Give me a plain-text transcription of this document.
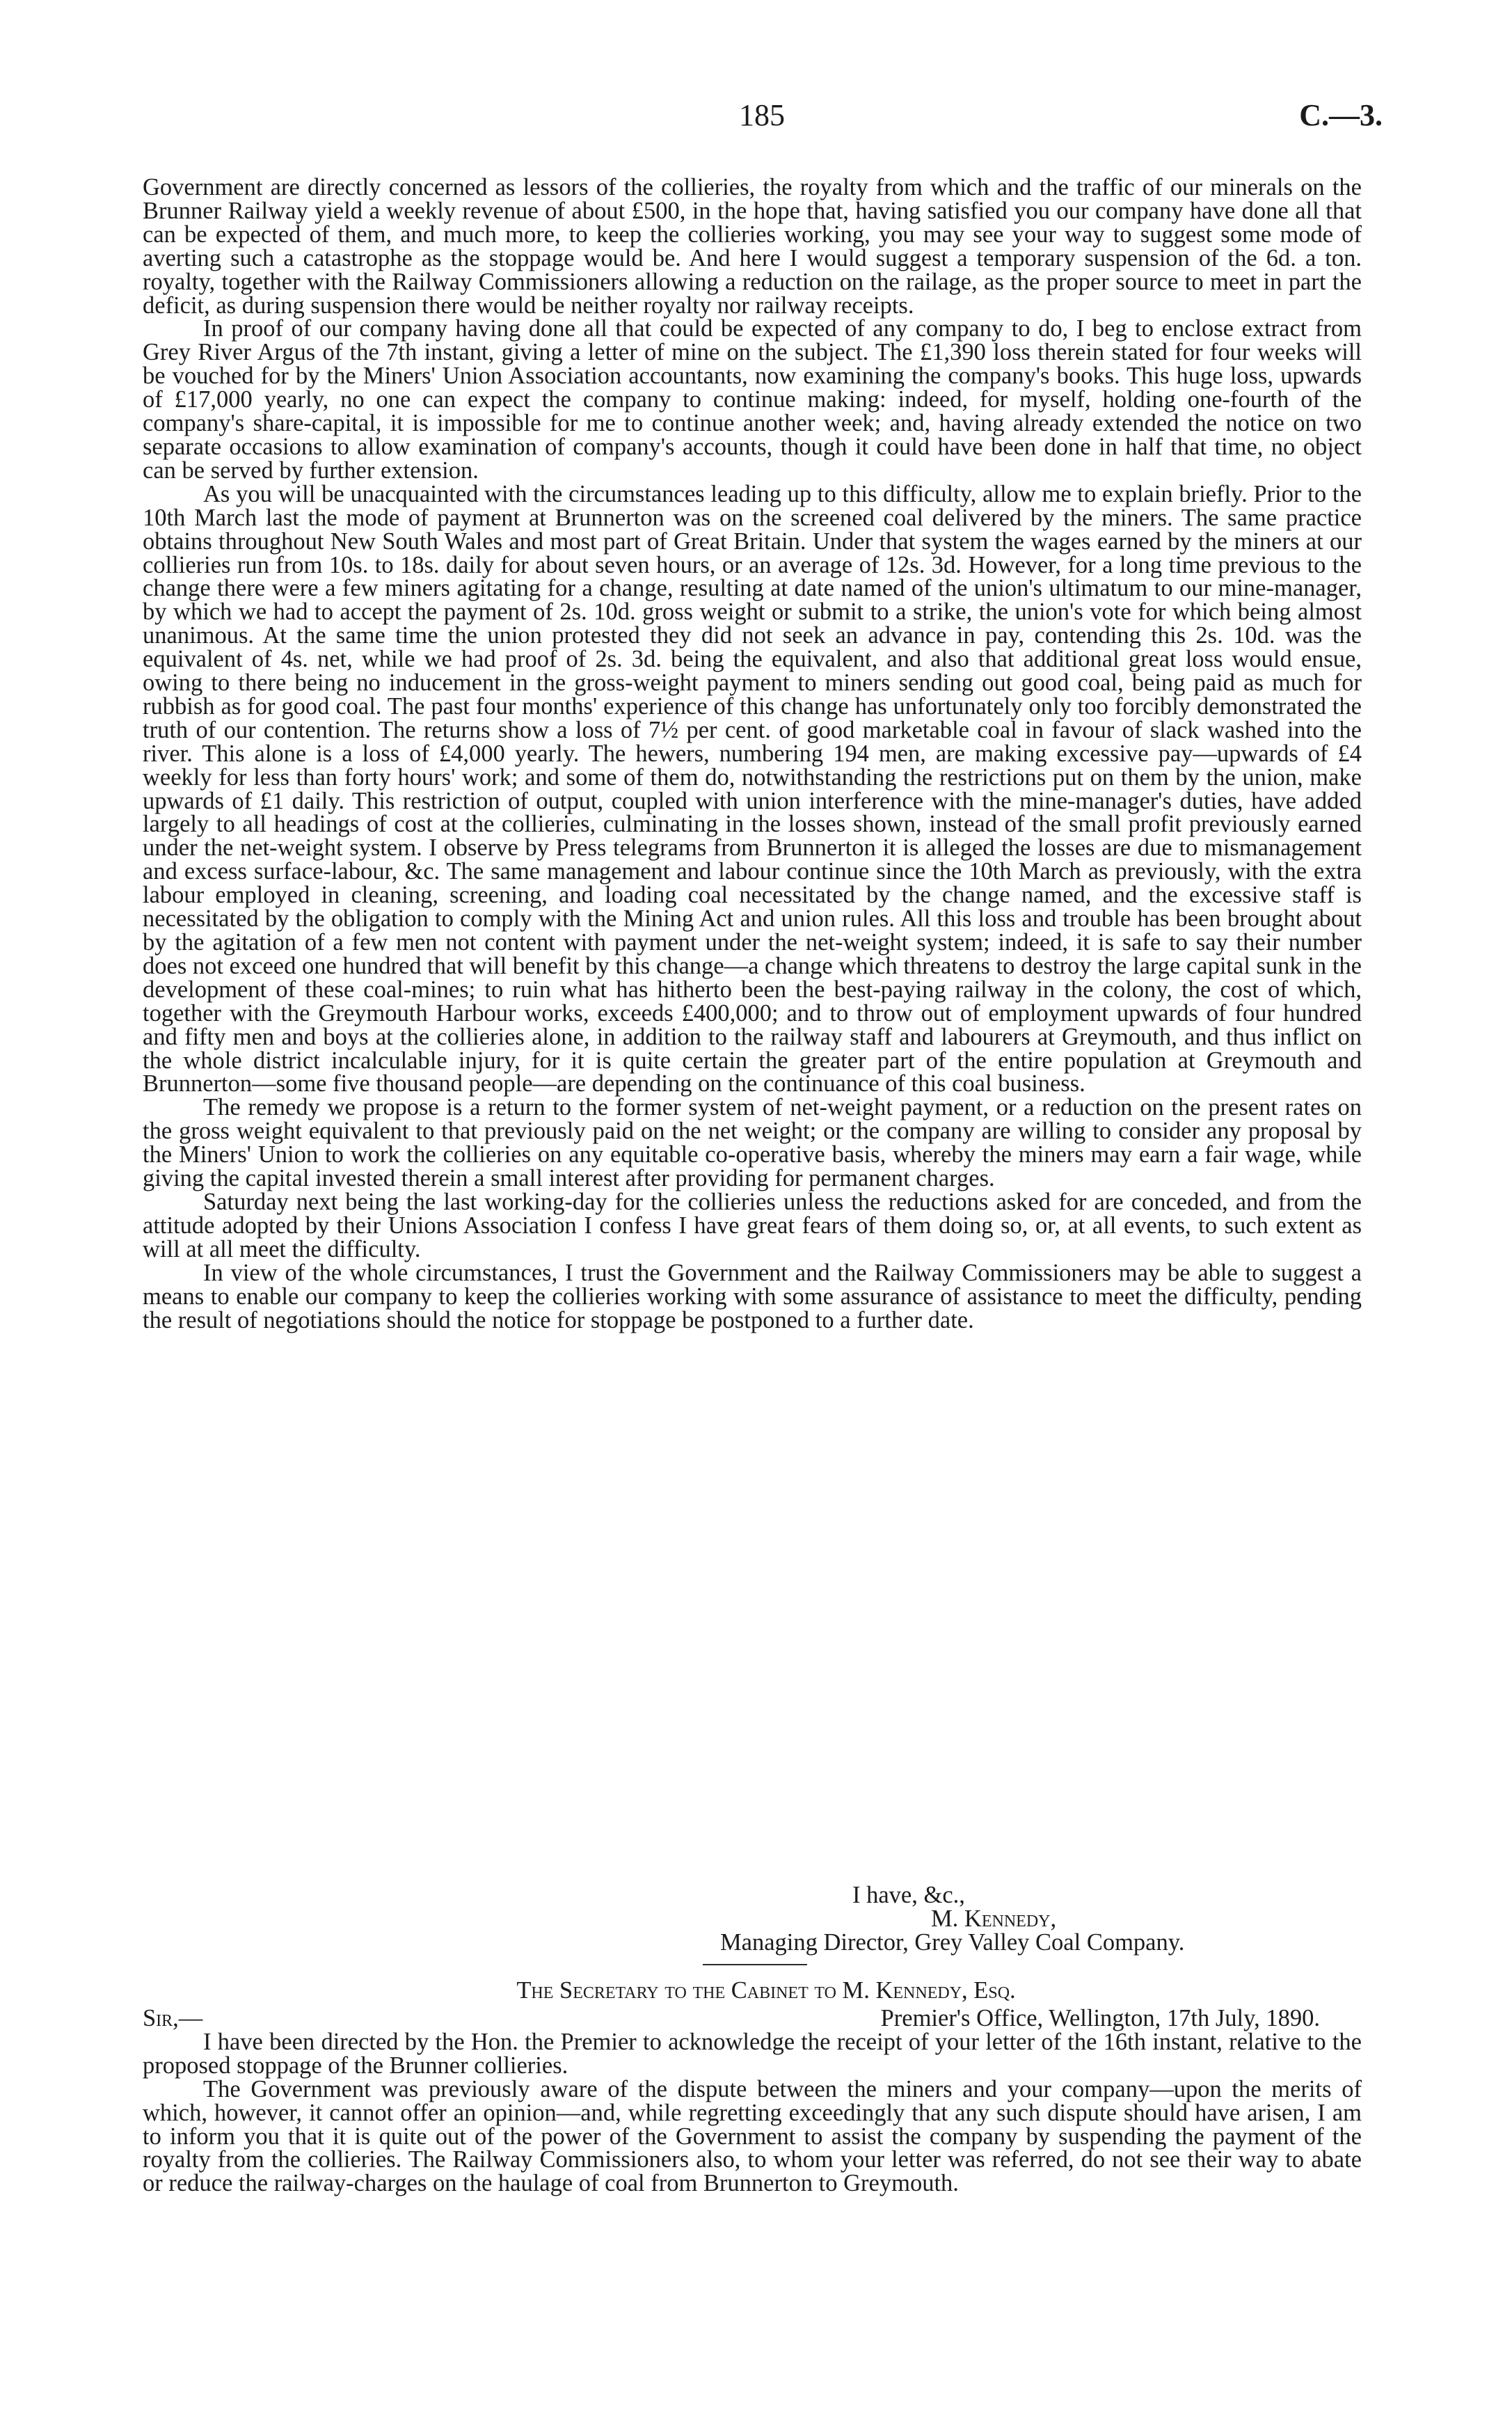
185	C.—3.

Government are directly concerned as lessors of the collieries, the royalty from which and the traffic of our minerals on the Brunner Railway yield a weekly revenue of about £500, in the hope that, having satisfied you our company have done all that can be expected of them, and much more, to keep the collieries working, you may see your way to suggest some mode of averting such a catastrophe as the stoppage would be. And here I would suggest a temporary suspension of the 6d. a ton. royalty, together with the Railway Commissioners allowing a reduction on the railage, as the proper source to meet in part the deficit, as during suspension there would be neither royalty nor railway receipts.

In proof of our company having done all that could be expected of any company to do, I beg to enclose extract from Grey River Argus of the 7th instant, giving a letter of mine on the subject. The £1,390 loss therein stated for four weeks will be vouched for by the Miners' Union Association accountants, now examining the company's books. This huge loss, upwards of £17,000 yearly, no one can expect the company to continue making: indeed, for myself, holding one-fourth of the company's share-capital, it is impossible for me to continue another week; and, having already extended the notice on two separate occasions to allow examination of company's accounts, though it could have been done in half that time, no object can be served by further extension.

As you will be unacquainted with the circumstances leading up to this difficulty, allow me to explain briefly. Prior to the 10th March last the mode of payment at Brunnerton was on the screened coal delivered by the miners. The same practice obtains throughout New South Wales and most part of Great Britain. Under that system the wages earned by the miners at our collieries run from 10s. to 18s. daily for about seven hours, or an average of 12s. 3d. However, for a long time previous to the change there were a few miners agitating for a change, resulting at date named of the union's ultimatum to our mine-manager, by which we had to accept the payment of 2s. 10d. gross weight or submit to a strike, the union's vote for which being almost unanimous. At the same time the union protested they did not seek an advance in pay, contending this 2s. 10d. was the equivalent of 4s. net, while we had proof of 2s. 3d. being the equivalent, and also that additional great loss would ensue, owing to there being no inducement in the gross-weight payment to miners sending out good coal, being paid as much for rubbish as for good coal. The past four months' experience of this change has unfortunately only too forcibly demonstrated the truth of our contention. The returns show a loss of 7½ per cent. of good marketable coal in favour of slack washed into the river. This alone is a loss of £4,000 yearly. The hewers, numbering 194 men, are making excessive pay—upwards of £4 weekly for less than forty hours' work; and some of them do, notwithstanding the restrictions put on them by the union, make upwards of £1 daily. This restriction of output, coupled with union interference with the mine-manager's duties, have added largely to all headings of cost at the collieries, culminating in the losses shown, instead of the small profit previously earned under the net-weight system. I observe by Press telegrams from Brunnerton it is alleged the losses are due to mismanagement and excess surface-labour, &c. The same management and labour continue since the 10th March as previously, with the extra labour employed in cleaning, screening, and loading coal necessitated by the change named, and the excessive staff is necessitated by the obligation to comply with the Mining Act and union rules. All this loss and trouble has been brought about by the agitation of a few men not content with payment under the net-weight system; indeed, it is safe to say their number does not exceed one hundred that will benefit by this change—a change which threatens to destroy the large capital sunk in the development of these coal-mines; to ruin what has hitherto been the best-paying railway in the colony, the cost of which, together with the Greymouth Harbour works, exceeds £400,000; and to throw out of employment upwards of four hundred and fifty men and boys at the collieries alone, in addition to the railway staff and labourers at Greymouth, and thus inflict on the whole district incalculable injury, for it is quite certain the greater part of the entire population at Greymouth and Brunnerton—some five thousand people—are depending on the continuance of this coal business.

The remedy we propose is a return to the former system of net-weight payment, or a reduction on the present rates on the gross weight equivalent to that previously paid on the net weight; or the company are willing to consider any proposal by the Miners' Union to work the collieries on any equitable co-operative basis, whereby the miners may earn a fair wage, while giving the capital invested therein a small interest after providing for permanent charges.

Saturday next being the last working-day for the collieries unless the reductions asked for are conceded, and from the attitude adopted by their Unions Association I confess I have great fears of them doing so, or, at all events, to such extent as will at all meet the difficulty.

In view of the whole circumstances, I trust the Government and the Railway Commissioners may be able to suggest a means to enable our company to keep the collieries working with some assurance of assistance to meet the difficulty, pending the result of negotiations should the notice for stoppage be postponed to a further date.

I have, &c.,
M. Kennedy,
Managing Director, Grey Valley Coal Company.
The Secretary to the Cabinet to M. Kennedy, Esq.
Sir,—	Premier's Office, Wellington, 17th July, 1890.

I have been directed by the Hon. the Premier to acknowledge the receipt of your letter of the 16th instant, relative to the proposed stoppage of the Brunner collieries.

The Government was previously aware of the dispute between the miners and your company—upon the merits of which, however, it cannot offer an opinion—and, while regretting exceedingly that any such dispute should have arisen, I am to inform you that it is quite out of the power of the Government to assist the company by suspending the payment of the royalty from the collieries. The Railway Commissioners also, to whom your letter was referred, do not see their way to abate or reduce the railway-charges on the haulage of coal from Brunnerton to Greymouth.
